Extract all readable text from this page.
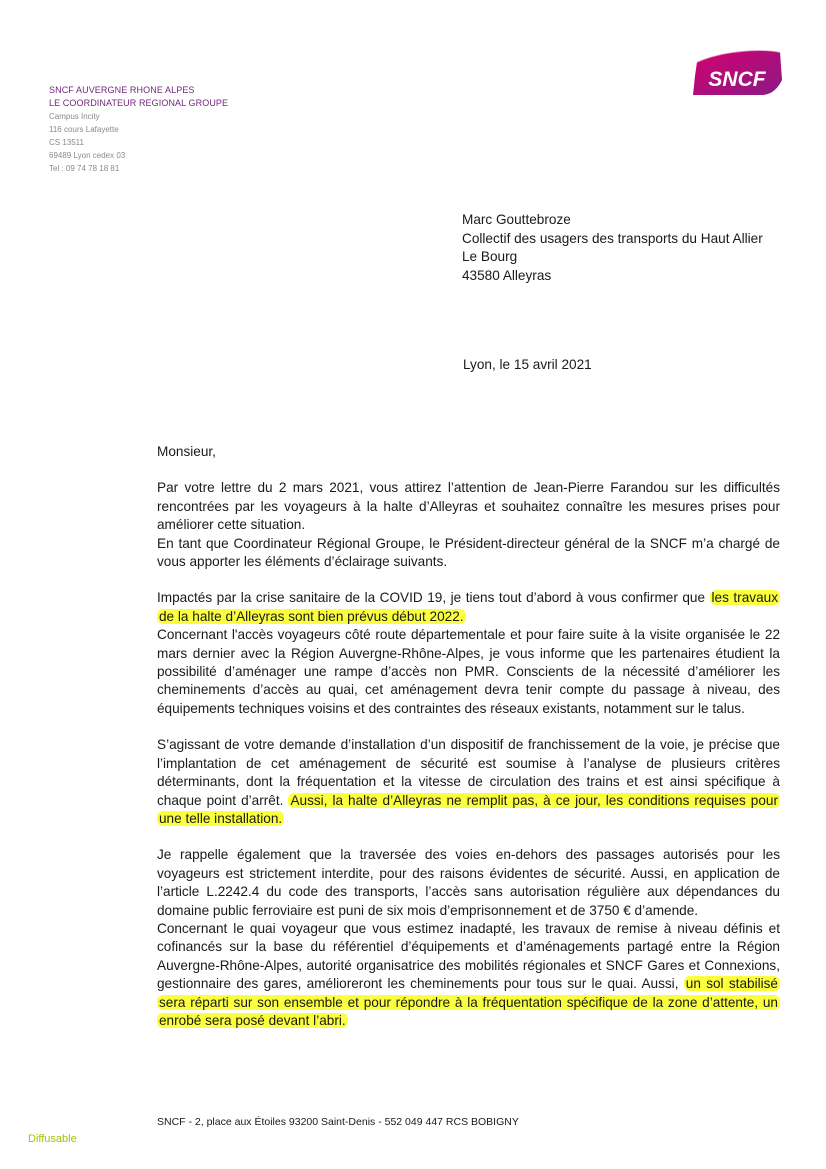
SNCF AUVERGNE RHONE ALPES
LE COORDINATEUR REGIONAL GROUPE
Campus Incity
116 cours Lafayette
CS 13511
69489 Lyon cedex 03
Tel : 09 74 78 18 81
SNCF
Marc Gouttebroze
Collectif des usagers des transports du Haut Allier
Le Bourg
43580 Alleyras
Lyon, le 15 avril 2021

Monsieur,

Par votre lettre du 2 mars 2021, vous attirez l’attention de Jean-Pierre Farandou sur les difficultés rencontrées par les voyageurs à la halte d’Alleyras et souhaitez connaître les mesures prises pour améliorer cette situation.

En tant que Coordinateur Régional Groupe, le Président-directeur général de la SNCF m’a chargé de vous apporter les éléments d’éclairage suivants.

Impactés par la crise sanitaire de la COVID 19, je tiens tout d’abord à vous confirmer que les travaux de la halte d’Alleyras sont bien prévus début 2022.

Concernant l'accès voyageurs côté route départementale et pour faire suite à la visite organisée le 22 mars dernier avec la Région Auvergne-Rhône-Alpes, je vous informe que les partenaires étudient la possibilité d’aménager une rampe d’accès non PMR. Conscients de la nécessité d’améliorer les cheminements d’accès au quai, cet aménagement devra tenir compte du passage à niveau, des équipements techniques voisins et des contraintes des réseaux existants, notamment sur le talus.

S’agissant de votre demande d’installation d’un dispositif de franchissement de la voie, je précise que l’implantation de cet aménagement de sécurité est soumise à l’analyse de plusieurs critères déterminants, dont la fréquentation et la vitesse de circulation des trains et est ainsi spécifique à chaque point d’arrêt. Aussi, la halte d’Alleyras ne remplit pas, à ce jour, les conditions requises pour une telle installation.

Je rappelle également que la traversée des voies en-dehors des passages autorisés pour les voyageurs est strictement interdite, pour des raisons évidentes de sécurité. Aussi, en application de l’article L.2242.4 du code des transports, l’accès sans autorisation régulière aux dépendances du domaine public ferroviaire est puni de six mois d’emprisonnement et de 3750 € d’amende.

Concernant le quai voyageur que vous estimez inadapté, les travaux de remise à niveau définis et cofinancés sur la base du référentiel d’équipements et d’aménagements partagé entre la Région Auvergne-Rhône-Alpes, autorité organisatrice des mobilités régionales et SNCF Gares et Connexions, gestionnaire des gares, amélioreront les cheminements pour tous sur le quai. Aussi, un sol stabilisé sera réparti sur son ensemble et pour répondre à la fréquentation spécifique de la zone d’attente, un enrobé sera posé devant l’abri.

SNCF - 2, place aux Étoiles 93200 Saint-Denis - 552 049 447 RCS BOBIGNY
Diffusable
